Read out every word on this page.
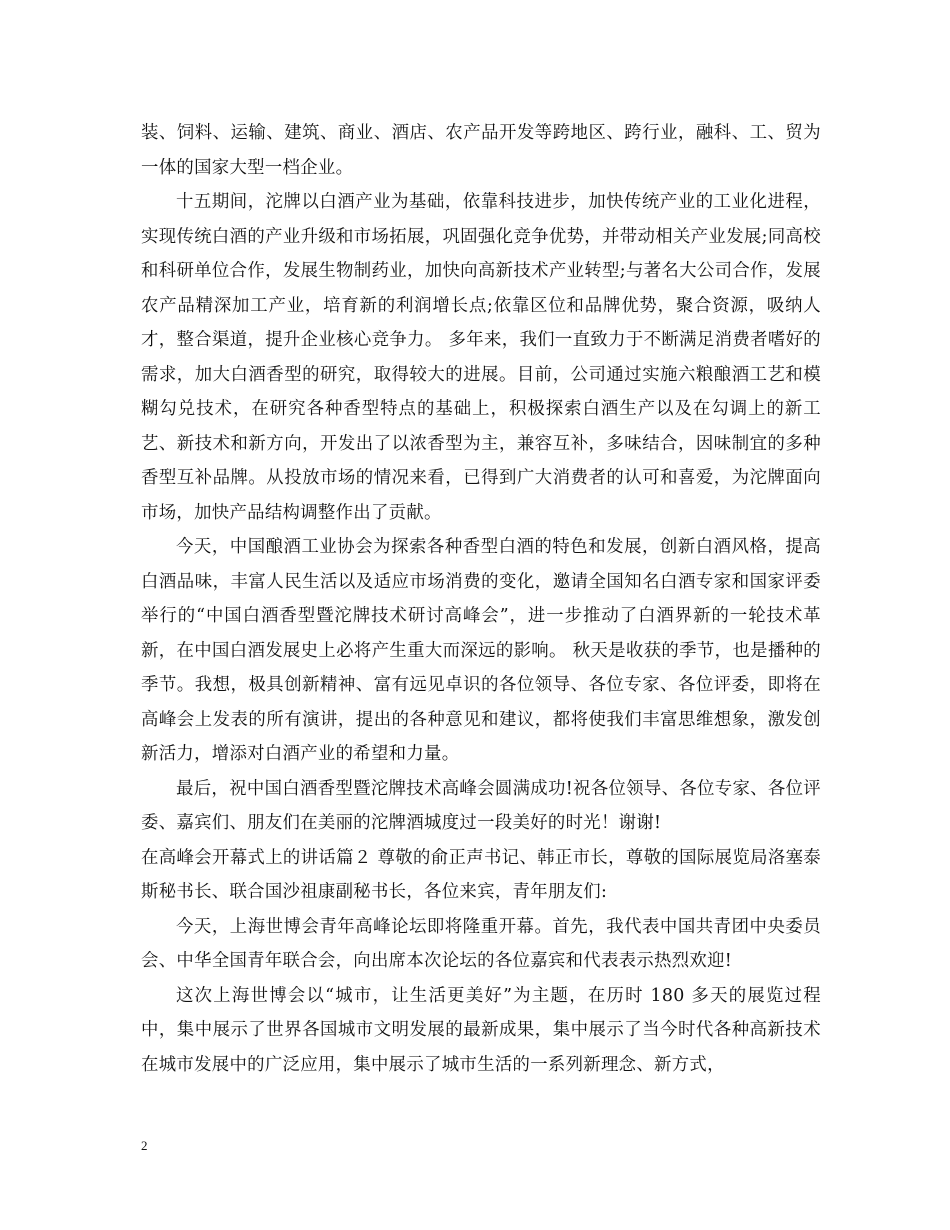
装、饲料、运输、建筑、商业、酒店、农产品开发等跨地区、跨行业，融科、工、贸为一体的国家大型一档企业。

十五期间，沱牌以白酒产业为基础，依靠科技进步，加快传统产业的工业化进程，实现传统白酒的产业升级和市场拓展，巩固强化竞争优势，并带动相关产业发展;同高校和科研单位合作，发展生物制药业，加快向高新技术产业转型;与著名大公司合作，发展农产品精深加工产业，培育新的利润增长点;依靠区位和品牌优势，聚合资源，吸纳人才，整合渠道，提升企业核心竞争力。 多年来，我们一直致力于不断满足消费者嗜好的需求，加大白酒香型的研究，取得较大的进展。目前，公司通过实施六粮酿酒工艺和模糊勾兑技术，在研究各种香型特点的基础上，积极探索白酒生产以及在勾调上的新工艺、新技术和新方向，开发出了以浓香型为主，兼容互补，多味结合，因味制宜的多种香型互补品牌。从投放市场的情况来看，已得到广大消费者的认可和喜爱，为沱牌面向市场，加快产品结构调整作出了贡献。

今天，中国酿酒工业协会为探索各种香型白酒的特色和发展，创新白酒风格，提高白酒品味，丰富人民生活以及适应市场消费的变化，邀请全国知名白酒专家和国家评委举行的“中国白酒香型暨沱牌技术研讨高峰会”，进一步推动了白酒界新的一轮技术革新，在中国白酒发展史上必将产生重大而深远的影响。 秋天是收获的季节，也是播种的季节。我想，极具创新精神、富有远见卓识的各位领导、各位专家、各位评委，即将在高峰会上发表的所有演讲，提出的各种意见和建议，都将使我们丰富思维想象，激发创新活力，增添对白酒产业的希望和力量。

最后，祝中国白酒香型暨沱牌技术高峰会圆满成功!祝各位领导、各位专家、各位评委、嘉宾们、朋友们在美丽的沱牌酒城度过一段美好的时光！谢谢!

在高峰会开幕式上的讲话篇２ 尊敬的俞正声书记、韩正市长，尊敬的国际展览局洛塞泰斯秘书长、联合国沙祖康副秘书长，各位来宾，青年朋友们:

今天，上海世博会青年高峰论坛即将隆重开幕。首先，我代表中国共青团中央委员会、中华全国青年联合会，向出席本次论坛的各位嘉宾和代表表示热烈欢迎!

这次上海世博会以“城市，让生活更美好”为主题，在历时 180 多天的展览过程中，集中展示了世界各国城市文明发展的最新成果，集中展示了当今时代各种高新技术在城市发展中的广泛应用，集中展示了城市生活的一系列新理念、新方式，

2
